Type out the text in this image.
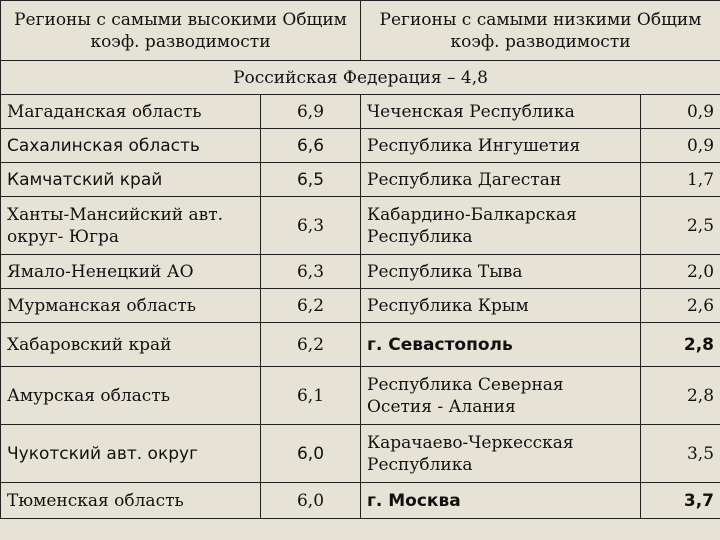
Регионы с самыми высокими Общим коэф. разводимости		Регионы с самыми низкими Общим коэф. разводимости	
Российская Федерация – 4,8			
Магаданская область	6,9	Чеченская Республика	0,9
Сахалинская область	6,6	Республика Ингушетия	0,9
Камчатский край	6,5	Республика Дагестан	1,7
Ханты-Мансийский авт. округ- Югра	6,3	Кабардино-Балкарская Республика	2,5
Ямало-Ненецкий АО	6,3	Республика Тыва	2,0
Мурманская область	6,2	Республика Крым	2,6
Хабаровский край	6,2	г. Севастополь	2,8
Амурская область	6,1	Республика Северная Осетия - Алания	2,8
Чукотский авт. округ	6,0	Карачаево-Черкесская Республика	3,5
Тюменская область	6,0	г. Москва	3,7
